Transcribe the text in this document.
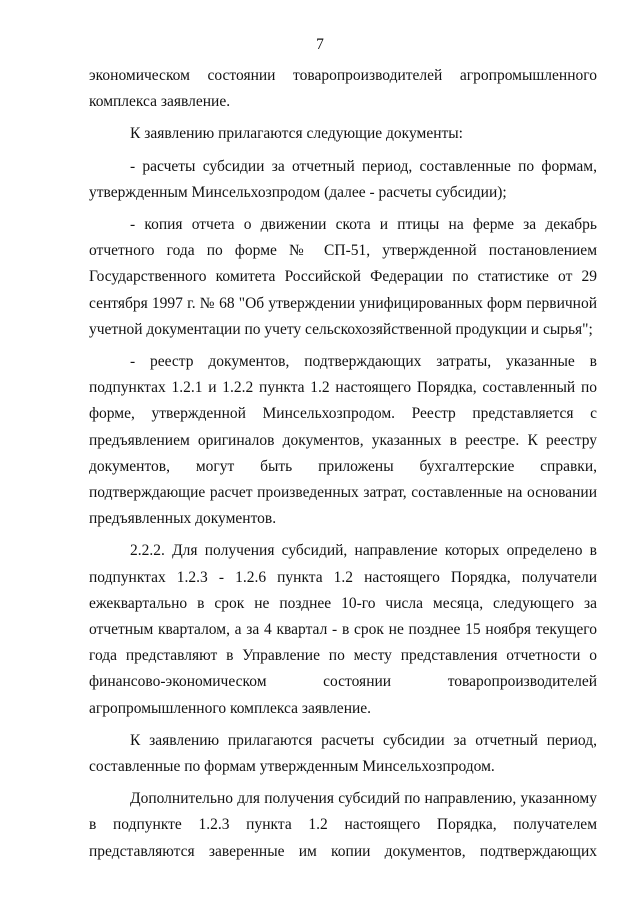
7

экономическом состоянии товаропроизводителей агропромышленного комплекса заявление.

К заявлению прилагаются следующие документы:

- расчеты субсидии за отчетный период, составленные по формам, утвержденным Минсельхозпродом (далее - расчеты субсидии);

- копия отчета о движении скота и птицы на ферме за декабрь отчетного года по форме № СП-51, утвержденной постановлением Государственного комитета Российской Федерации по статистике от 29 сентября 1997 г. № 68 "Об утверждении унифицированных форм первичной учетной документации по учету сельскохозяйственной продукции и сырья";

- реестр документов, подтверждающих затраты, указанные в подпунктах 1.2.1 и 1.2.2 пункта 1.2 настоящего Порядка, составленный по форме, утвержденной Минсельхозпродом. Реестр представляется с предъявлением оригиналов документов, указанных в реестре. К реестру документов, могут быть приложены бухгалтерские справки, подтверждающие расчет произведенных затрат, составленные на основании предъявленных документов.

2.2.2. Для получения субсидий, направление которых определено в подпунктах 1.2.3 - 1.2.6 пункта 1.2 настоящего Порядка, получатели ежеквартально в срок не позднее 10-го числа месяца, следующего за отчетным кварталом, а за 4 квартал - в срок не позднее 15 ноября текущего года представляют в Управление по месту представления отчетности о финансово-экономическом состоянии товаропроизводителей агропромышленного комплекса заявление.

К заявлению прилагаются расчеты субсидии за отчетный период, составленные по формам утвержденным Минсельхозпродом.

Дополнительно для получения субсидий по направлению, указанному в подпункте 1.2.3 пункта 1.2 настоящего Порядка, получателем представляются заверенные им копии документов, подтверждающих
